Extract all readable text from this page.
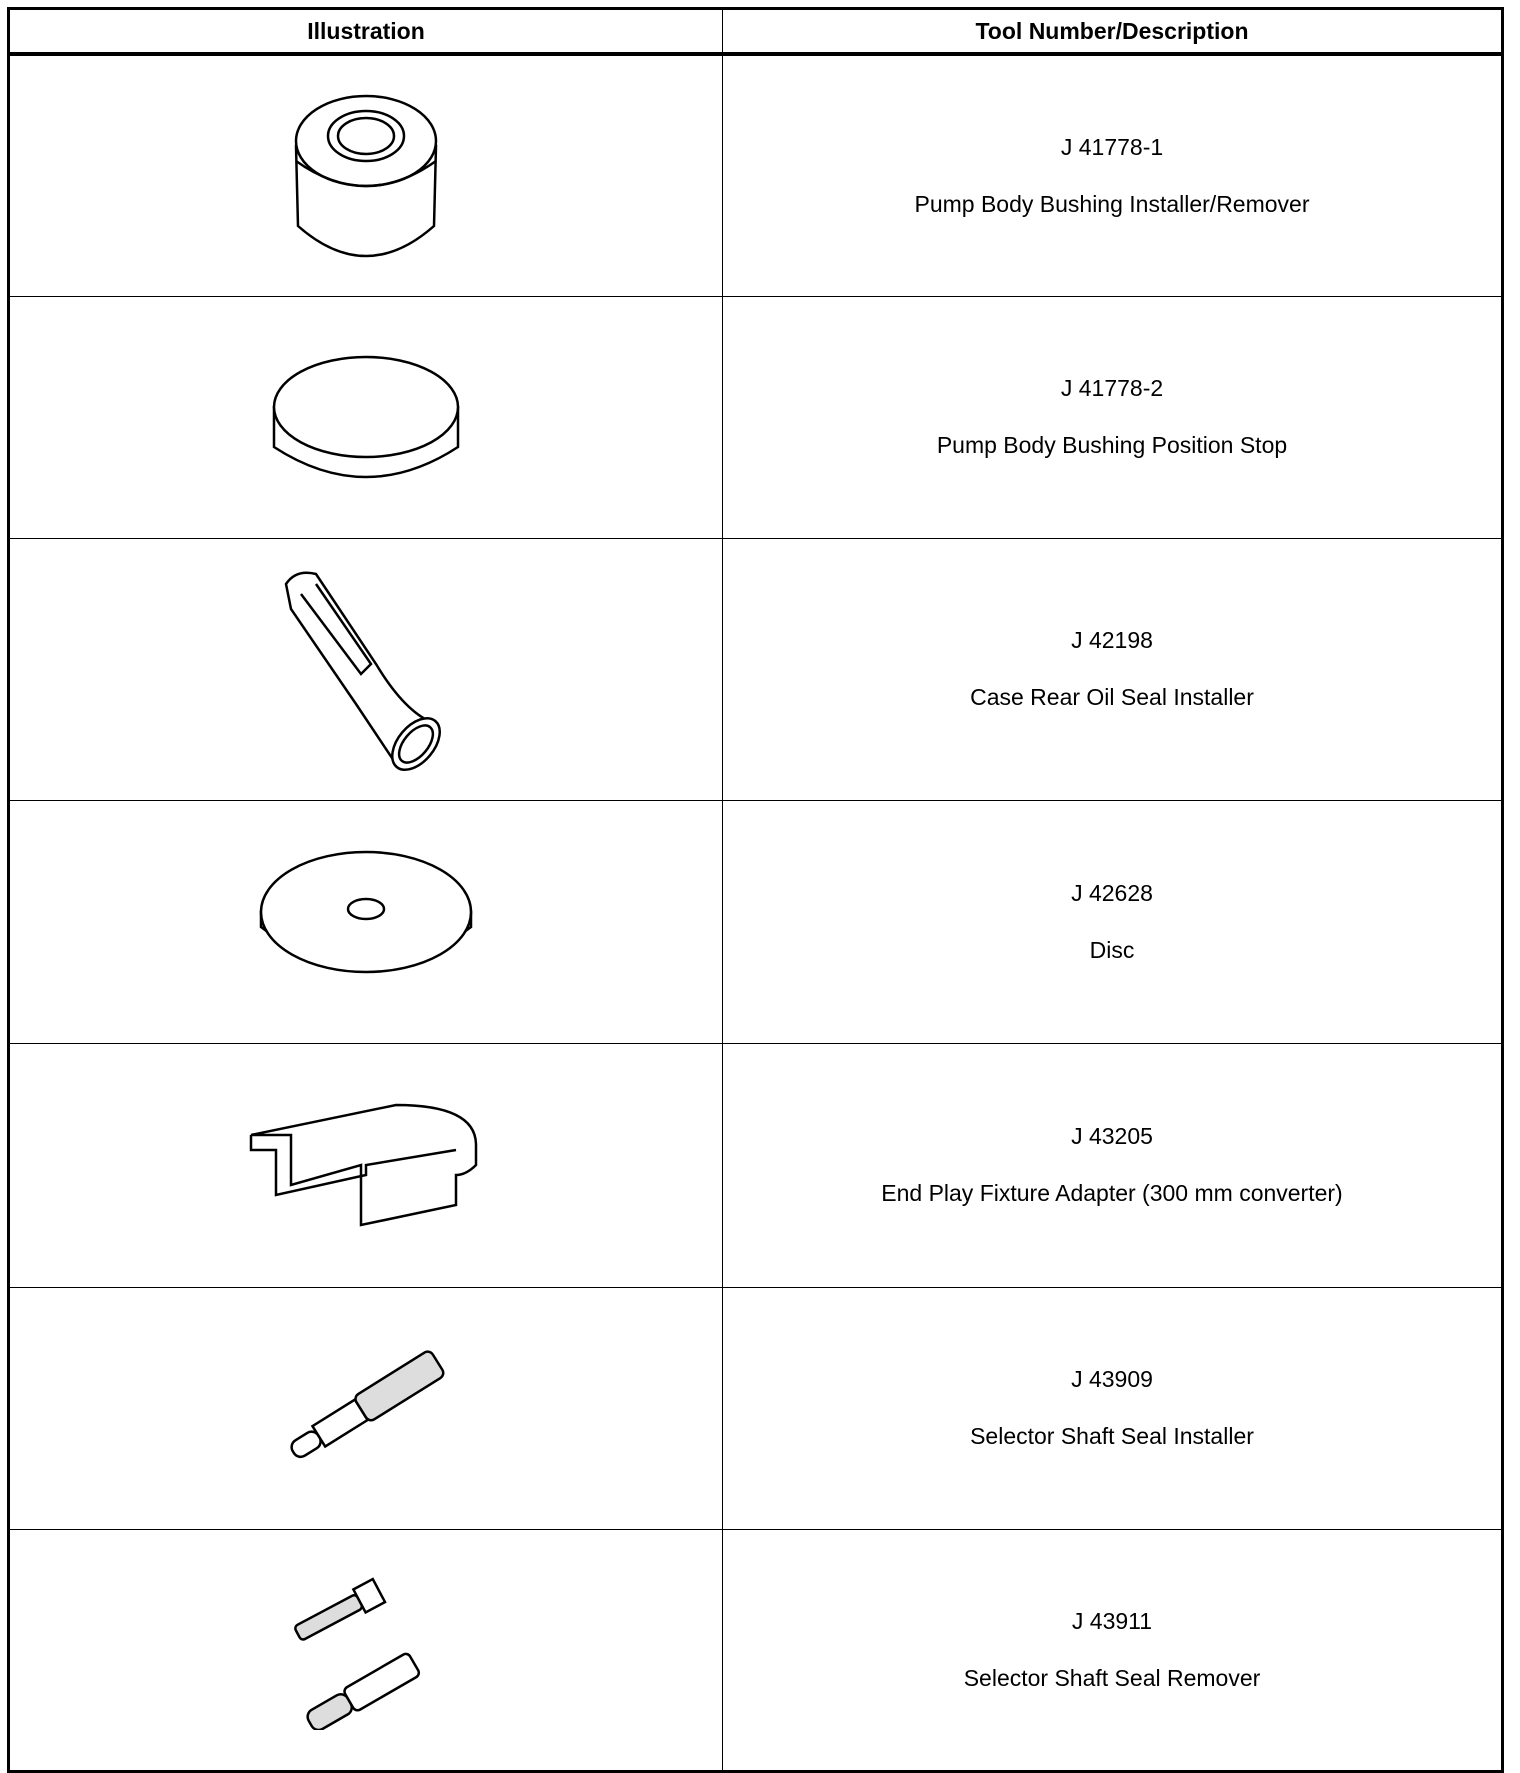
Illustration	Tool Number/Description

J 41778-1
Pump Body Bushing Installer/Remover

J 41778-2
Pump Body Bushing Position Stop

J 42198
Case Rear Oil Seal Installer

J 42628
Disc

J 43205
End Play Fixture Adapter (300 mm converter)

J 43909
Selector Shaft Seal Installer

J 43911
Selector Shaft Seal Remover
